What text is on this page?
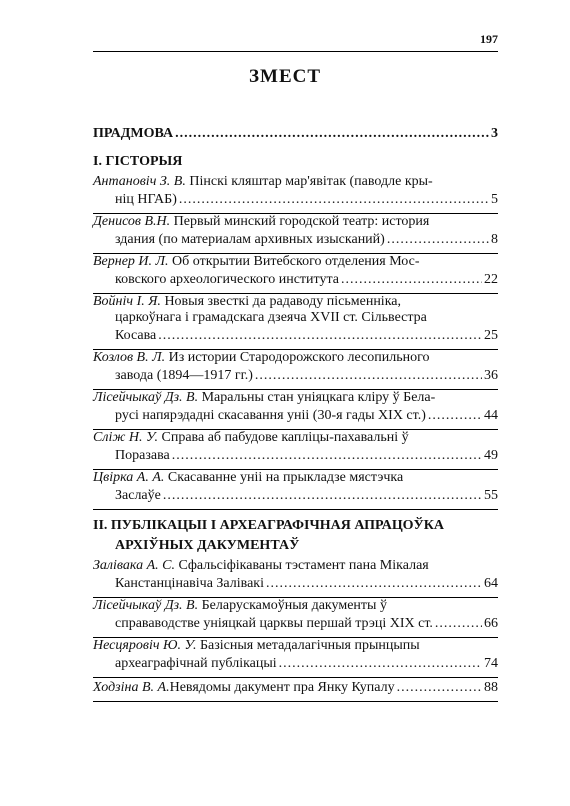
197
ЗМЕСТ
ПРАДМОВА .....	3
І. ГІСТОРЫЯ
Антановіч З. В. Пінскі кляштар мар'явітак (паводле кры-
ніц НГАБ) .....	5
Денисов В.Н. Первый минский городской театр: история
здания (по материалам архивных изысканий) .....	8
Вернер И. Л. Об открытии Витебского отделения Мос-
ковского археологического института .....	22
Войніч І. Я. Новыя звесткі да радаводу пісьменніка,
царкоўнага і грамадскага дзеяча XVII ст. Сільвестра
Косава .....	25
Козлов В. Л. Из истории Стародорожского лесопильного
завода (1894—1917 гг.) .....	36
Лісейчыкаў Дз. В. Маральны стан уніяцкага кліру ў Бела-
русі напярэдадні скасавання уніі (30-я гады XIX ст.) .....	44
Сліж Н. У. Справа аб пабудове капліцы-пахавальні ў
Поразава .....	49
Цвірка А. А. Скасаванне уніі на прыкладзе мястэчка
Заслаўе .....	55
ІІ. ПУБЛІКАЦЫІ І АРХЕАГРАФІЧНАЯ АПРАЦОЎКА
АРХІЎНЫХ ДАКУМЕНТАЎ
Залівака А. С. Сфальсіфікаваны тэстамент пана Мікалая
Канстанцінавіча Залівакі .....	64
Лісейчыкаў Дз. В. Беларускамоўныя дакументы ў
справаводстве уніяцкай царквы першай трэці XIX ст. .....	66
Несцяровіч Ю. У. Базісныя метадалагічныя прынцыпы
археаграфічнай публікацыі .....	74
Ходзіна В. А. Невядомы дакумент пра Янку Купалу .....	88
